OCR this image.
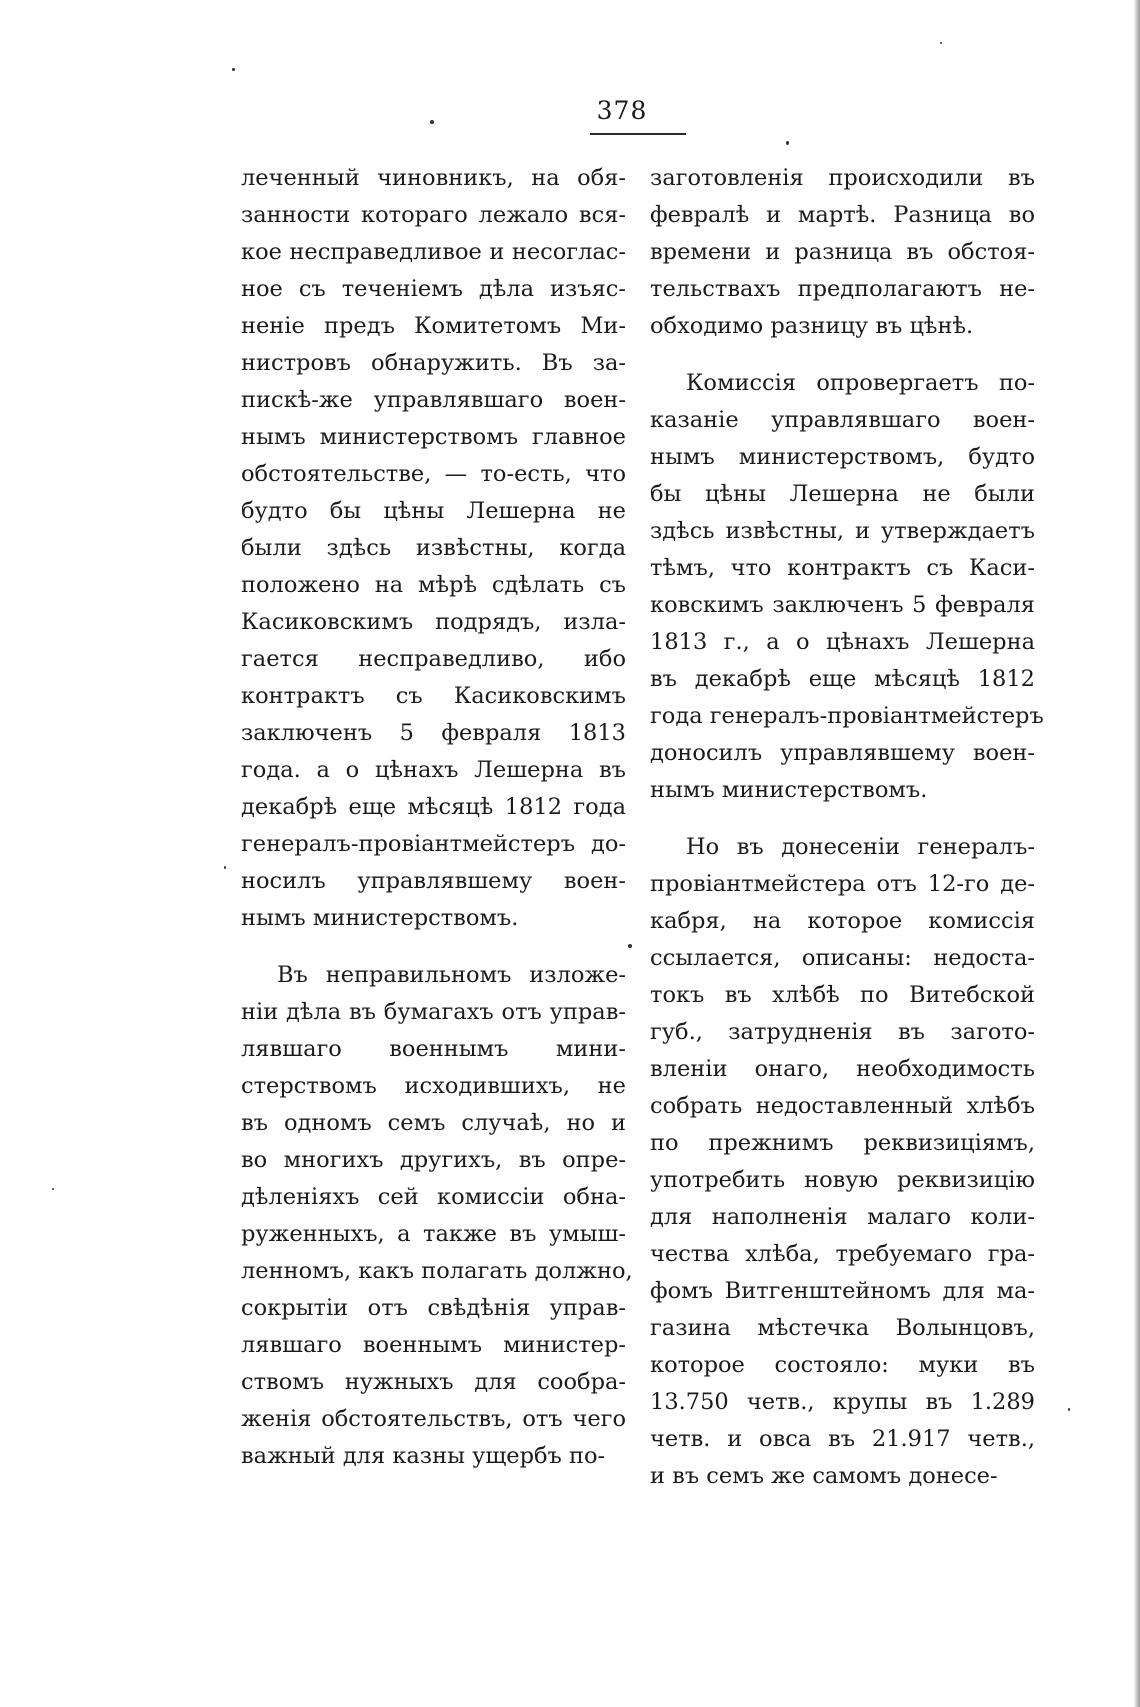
378
леченный чиновникъ, на обя-
занности котораго лежало вся-
кое несправедливое и несоглас-
ное съ теченiемъ дѣла изъяс-
ненiе предъ Комитетомъ Ми-
нистровъ обнаружить. Въ за-
пискѣ-же управлявшаго воен-
нымъ министерствомъ главное
обстоятельстве, — то-есть, что
будто бы цѣны Лешерна не
были здѣсь извѣстны, когда
положено на мѣрѣ сдѣлать съ
Касиковскимъ подрядъ, изла-
гается несправедливо, ибо
контрактъ съ Касиковскимъ
заключенъ 5 февраля 1813
года. а о цѣнахъ Лешерна въ
декабрѣ еще мѣсяцѣ 1812 года
генералъ-провiантмейстеръ до-
носилъ управлявшему воен-
нымъ министерствомъ.
Въ неправильномъ изложе-
нiи дѣла въ бумагахъ отъ управ-
лявшаго военнымъ мини-
стерствомъ исходившихъ, не
въ одномъ семъ случаѣ, но и
во многихъ другихъ, въ опре-
дѣленiяхъ сей комиссiи обна-
руженныхъ, а также въ умыш-
ленномъ, какъ полагать должно,
сокрытiи отъ свѣдѣнiя управ-
лявшаго военнымъ министер-
ствомъ нужныхъ для сообра-
женiя обстоятельствъ, отъ чего
важный для казны ущербъ по-
заготовленiя происходили въ
февралѣ и мартѣ. Разница во
времени и разница въ обстоя-
тельствахъ предполагаютъ не-
обходимо разницу въ цѣнѣ.
Комиссiя опровергаетъ по-
казанiе управлявшаго воен-
нымъ министерствомъ, будто
бы цѣны Лешерна не были
здѣсь извѣстны, и утверждаетъ
тѣмъ, что контрактъ съ Каси-
ковскимъ заключенъ 5 февраля
1813 г., а о цѣнахъ Лешерна
въ декабрѣ еще мѣсяцѣ 1812
года генералъ-провiантмейстеръ
доносилъ управлявшему воен-
нымъ министерствомъ.
Но въ донесенiи генералъ-
провiантмейстера отъ 12-го де-
кабря, на которое комиссiя
ссылается, описаны: недоста-
токъ въ хлѣбѣ по Витебской
губ., затрудненiя въ загото-
вленiи онаго, необходимость
собрать недоставленный хлѣбъ
по прежнимъ реквизицiямъ,
употребить новую реквизицiю
для наполненiя малаго коли-
чества хлѣба, требуемаго гра-
фомъ Витгенштейномъ для ма-
газина мѣстечка Волынцовъ,
которое состояло: муки въ
13.750 четв., крупы въ 1.289
четв. и овса въ 21.917 четв.,
и въ семъ же самомъ донесе-
